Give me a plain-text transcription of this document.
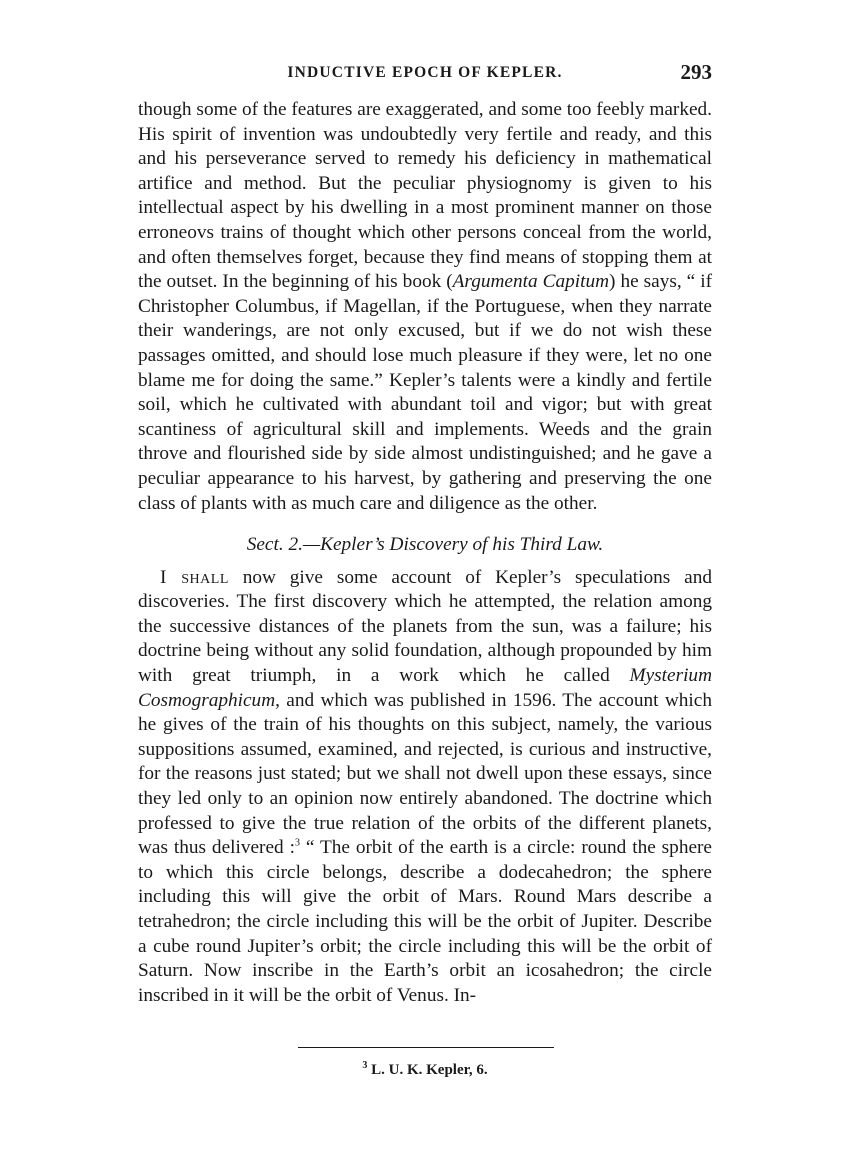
INDUCTIVE EPOCH OF KEPLER.	293

though some of the features are exaggerated, and some too feebly marked. His spirit of invention was undoubtedly very fertile and ready, and this and his perseverance served to remedy his deficiency in mathematical artifice and method. But the peculiar physiognomy is given to his intellectual aspect by his dwelling in a most prominent manner on those erroneovs trains of thought which other persons conceal from the world, and often themselves forget, because they find means of stopping them at the outset. In the beginning of his book (Argumenta Capitum) he says, “ if Christopher Columbus, if Magellan, if the Portuguese, when they narrate their wanderings, are not only excused, but if we do not wish these passages omitted, and should lose much pleasure if they were, let no one blame me for doing the same.” Kepler’s talents were a kindly and fertile soil, which he cultivated with abundant toil and vigor; but with great scantiness of agricultural skill and implements. Weeds and the grain throve and flourished side by side almost undistinguished; and he gave a peculiar appearance to his harvest, by gathering and preserving the one class of plants with as much care and diligence as the other.

Sect. 2.—Kepler’s Discovery of his Third Law.

I shall now give some account of Kepler’s speculations and discoveries. The first discovery which he attempted, the relation among the successive distances of the planets from the sun, was a failure; his doctrine being without any solid foundation, although propounded by him with great triumph, in a work which he called Mysterium Cosmographicum, and which was published in 1596. The account which he gives of the train of his thoughts on this subject, namely, the various suppositions assumed, examined, and rejected, is curious and instructive, for the reasons just stated; but we shall not dwell upon these essays, since they led only to an opinion now entirely abandoned. The doctrine which professed to give the true relation of the orbits of the different planets, was thus delivered :$^3$ “ The orbit of the earth is a circle: round the sphere to which this circle belongs, describe a dodecahedron; the sphere including this will give the orbit of Mars. Round Mars describe a tetrahedron; the circle including this will be the orbit of Jupiter. Describe a cube round Jupiter’s orbit; the circle including this will be the orbit of Saturn. Now inscribe in the Earth’s orbit an icosahedron; the circle inscribed in it will be the orbit of Venus. In-

$^3$ L. U. K. Kepler, 6.
